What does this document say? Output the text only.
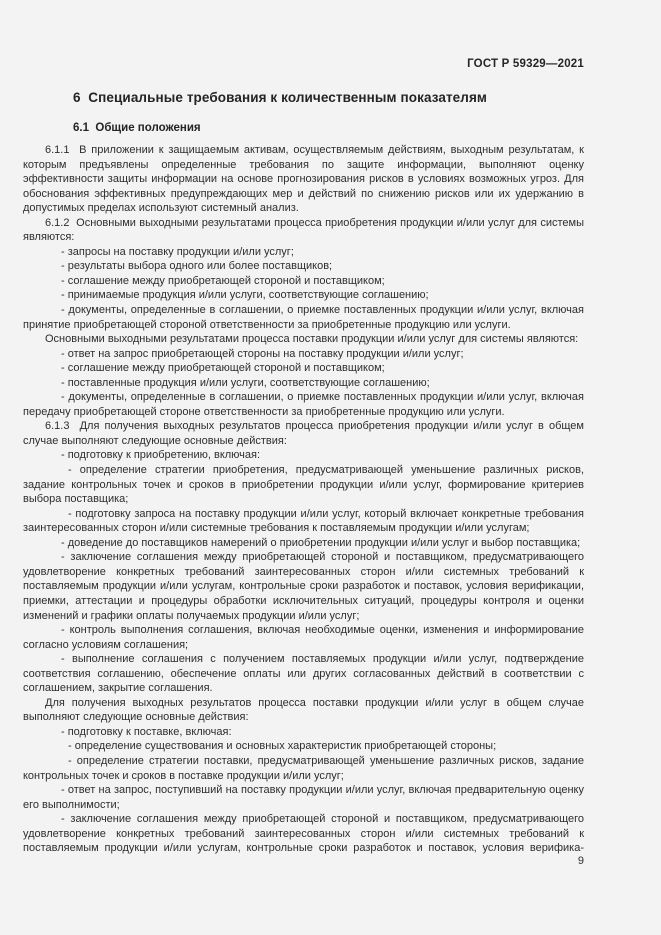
ГОСТ Р 59329—2021
6  Специальные требования к количественным показателям
6.1  Общие положения

6.1.1  В приложении к защищаемым активам, осуществляемым действиям, выходным результатам, к которым предъявлены определенные требования по защите информации, выполняют оценку эффективности защиты информации на основе прогнозирования рисков в условиях возможных угроз. Для обоснования эффективных предупреждающих мер и действий по снижению рисков или их удержанию в допустимых пределах используют системный анализ.

6.1.2  Основными выходными результатами процесса приобретения продукции и/или услуг для системы являются:

- запросы на поставку продукции и/или услуг;

- результаты выбора одного или более поставщиков;

- соглашение между приобретающей стороной и поставщиком;

- принимаемые продукция и/или услуги, соответствующие соглашению;

- документы, определенные в соглашении, о приемке поставленных продукции и/или услуг, включая принятие приобретающей стороной ответственности за приобретенные продукцию или услуги.

Основными выходными результатами процесса поставки продукции и/или услуг для системы являются:

- ответ на запрос приобретающей стороны на поставку продукции и/или услуг;

- соглашение между приобретающей стороной и поставщиком;

- поставленные продукция и/или услуги, соответствующие соглашению;

- документы, определенные в соглашении, о приемке поставленных продукции и/или услуг, включая передачу приобретающей стороне ответственности за приобретенные продукцию или услуги.

6.1.3  Для получения выходных результатов процесса приобретения продукции и/или услуг в общем случае выполняют следующие основные действия:

- подготовку к приобретению, включая:

- определение стратегии приобретения, предусматривающей уменьшение различных рисков, задание контрольных точек и сроков в приобретении продукции и/или услуг, формирование критериев выбора поставщика;

- подготовку запроса на поставку продукции и/или услуг, который включает конкретные требования заинтересованных сторон и/или системные требования к поставляемым продукции и/или услугам;

- доведение до поставщиков намерений о приобретении продукции и/или услуг и выбор поставщика;

- заключение соглашения между приобретающей стороной и поставщиком, предусматривающего удовлетворение конкретных требований заинтересованных сторон и/или системных требований к поставляемым продукции и/или услугам, контрольные сроки разработок и поставок, условия верификации, приемки, аттестации и процедуры обработки исключительных ситуаций, процедуры контроля и оценки изменений и графики оплаты получаемых продукции и/или услуг;

- контроль выполнения соглашения, включая необходимые оценки, изменения и информирование согласно условиям соглашения;

- выполнение соглашения с получением поставляемых продукции и/или услуг, подтверждение соответствия соглашению, обеспечение оплаты или других согласованных действий в соответствии с соглашением, закрытие соглашения.

Для получения выходных результатов процесса поставки продукции и/или услуг в общем случае выполняют следующие основные действия:

- подготовку к поставке, включая:

- определение существования и основных характеристик приобретающей стороны;

- определение стратегии поставки, предусматривающей уменьшение различных рисков, задание контрольных точек и сроков в поставке продукции и/или услуг;

- ответ на запрос, поступивший на поставку продукции и/или услуг, включая предварительную оценку его выполнимости;

- заключение соглашения между приобретающей стороной и поставщиком, предусматривающего удовлетворение конкретных требований заинтересованных сторон и/или системных требований к поставляемым продукции и/или услугам, контрольные сроки разработок и поставок, условия верифика-

9
